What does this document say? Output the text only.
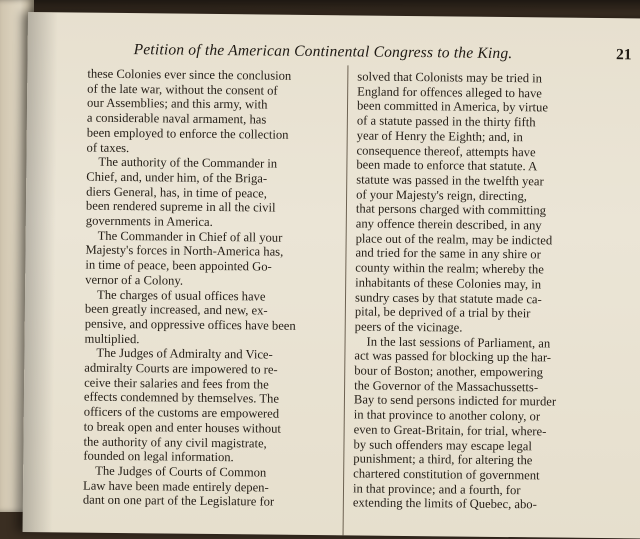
Petition of the American Continental Congress to the King.	21
these Colonies ever since the conclusion
of the late war, without the consent of
our Assemblies; and this army, with
a considerable naval armament, has
been employed to enforce the collection
of taxes.
The authority of the Commander in
Chief, and, under him, of the Briga-
diers General, has, in time of peace,
been rendered supreme in all the civil
governments in America.
The Commander in Chief of all your
Majesty's forces in North-America has,
in time of peace, been appointed Go-
vernor of a Colony.
The charges of usual offices have
been greatly increased, and new, ex-
pensive, and oppressive offices have been
multiplied.
The Judges of Admiralty and Vice-
admiralty Courts are impowered to re-
ceive their salaries and fees from the
effects condemned by themselves. The
officers of the customs are empowered
to break open and enter houses without
the authority of any civil magistrate,
founded on legal information.
The Judges of Courts of Common
Law have been made entirely depen-
dant on one part of the Legislature for
solved that Colonists may be tried in
England for offences alleged to have
been committed in America, by virtue
of a statute passed in the thirty fifth
year of Henry the Eighth; and, in
consequence thereof, attempts have
been made to enforce that statute. A
statute was passed in the twelfth year
of your Majesty's reign, directing,
that persons charged with committing
any offence therein described, in any
place out of the realm, may be indicted
and tried for the same in any shire or
county within the realm; whereby the
inhabitants of these Colonies may, in
sundry cases by that statute made ca-
pital, be deprived of a trial by their
peers of the vicinage.
In the last sessions of Parliament, an
act was passed for blocking up the har-
bour of Boston; another, empowering
the Governor of the Massachussetts-
Bay to send persons indicted for murder
in that province to another colony, or
even to Great-Britain, for trial, where-
by such offenders may escape legal
punishment; a third, for altering the
chartered constitution of government
in that province; and a fourth, for
extending the limits of Quebec, abo-
